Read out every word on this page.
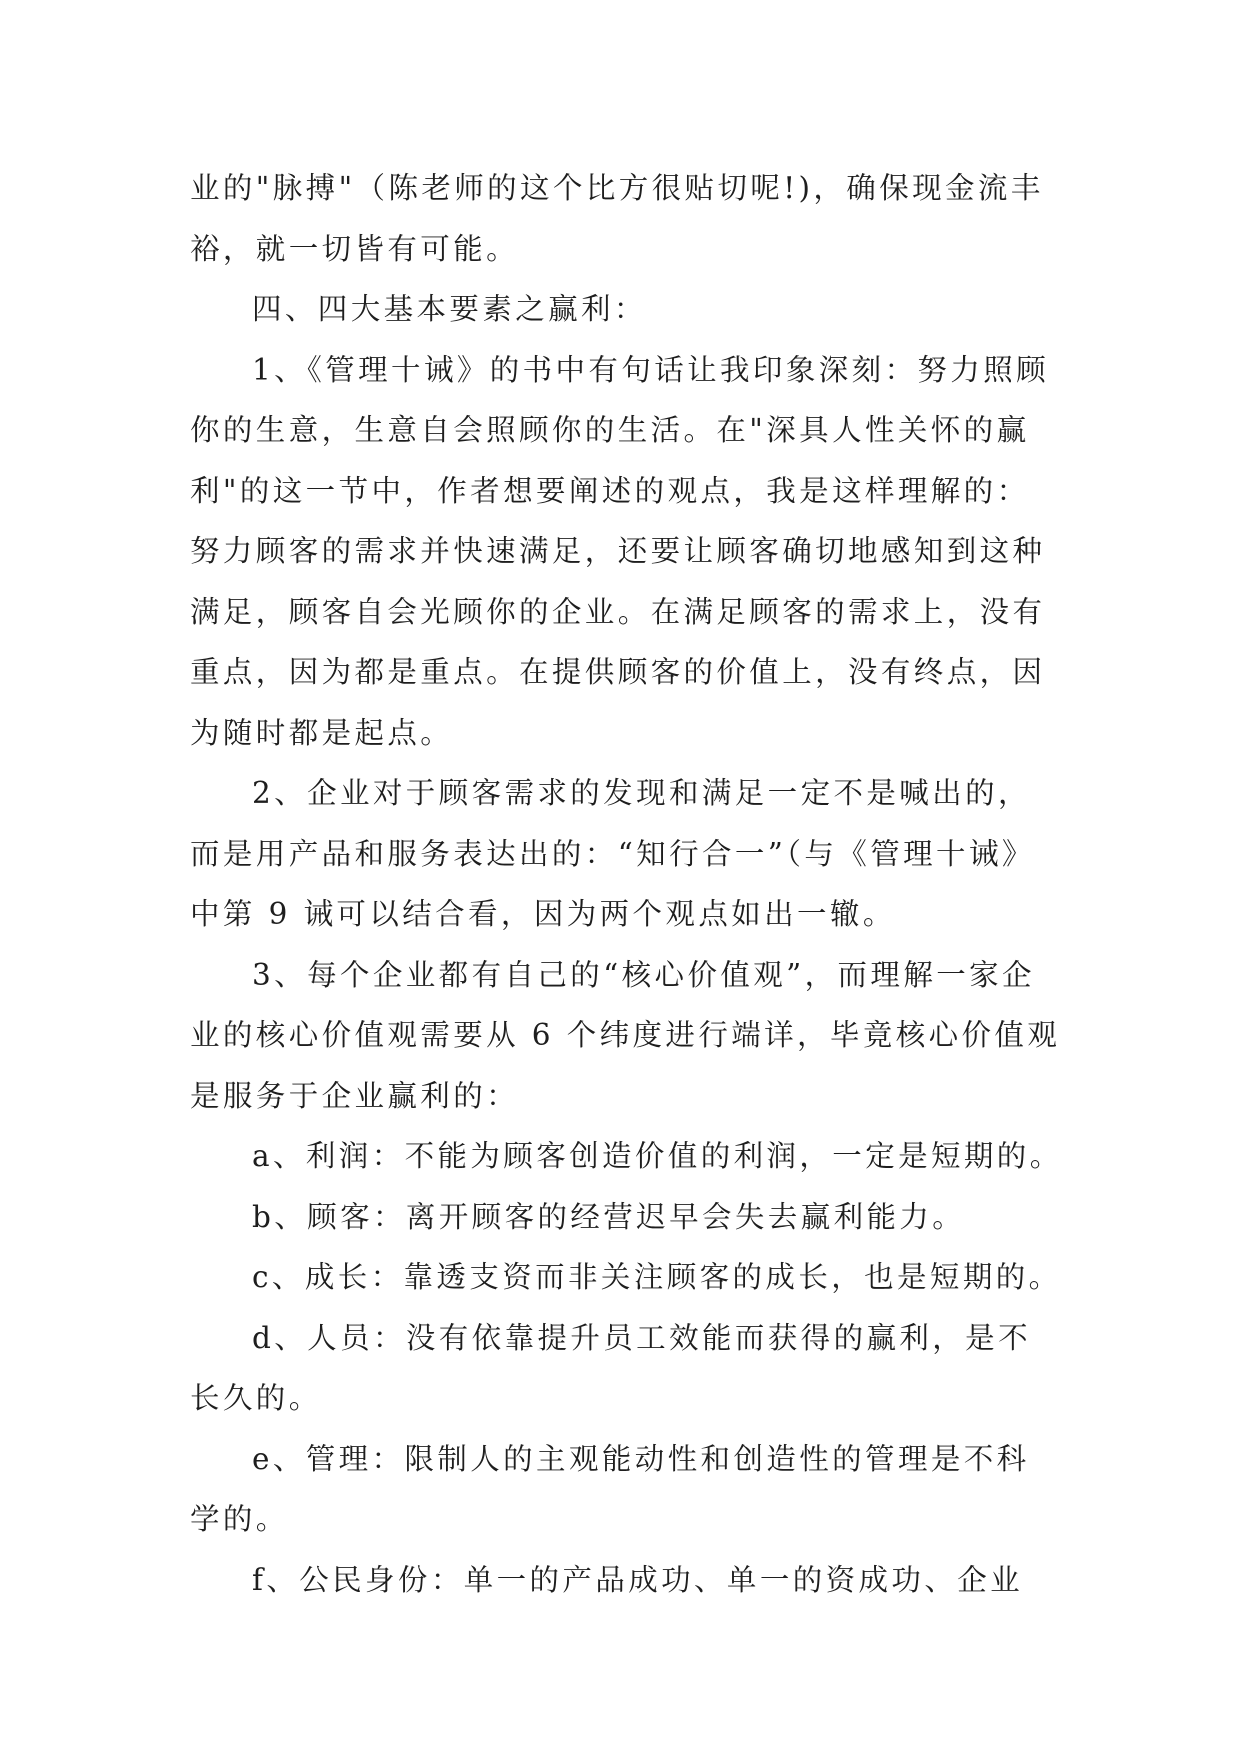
业的"脉搏"（陈老师的这个比方很贴切呢!)，确保现金流丰
裕，就一切皆有可能。
四、四大基本要素之赢利：
1、《管理十诫》的书中有句话让我印象深刻：努力照顾
你的生意，生意自会照顾你的生活。在"深具人性关怀的赢
利"的这一节中，作者想要阐述的观点，我是这样理解的：
努力顾客的需求并快速满足，还要让顾客确切地感知到这种
满足，顾客自会光顾你的企业。在满足顾客的需求上，没有
重点，因为都是重点。在提供顾客的价值上，没有终点，因
为随时都是起点。
2、企业对于顾客需求的发现和满足一定不是喊出的，
而是用产品和服务表达出的：“知行合一”（与《管理十诫》
中第 9 诫可以结合看，因为两个观点如出一辙。
3、每个企业都有自己的“核心价值观”，而理解一家企
业的核心价值观需要从 6 个纬度进行端详，毕竟核心价值观
是服务于企业赢利的：
a、利润：不能为顾客创造价值的利润，一定是短期的。
b、顾客：离开顾客的经营迟早会失去赢利能力。
c、成长：靠透支资而非关注顾客的成长，也是短期的。
d、人员：没有依靠提升员工效能而获得的赢利，是不
长久的。
e、管理：限制人的主观能动性和创造性的管理是不科
学的。
f、公民身份：单一的产品成功、单一的资成功、企业
